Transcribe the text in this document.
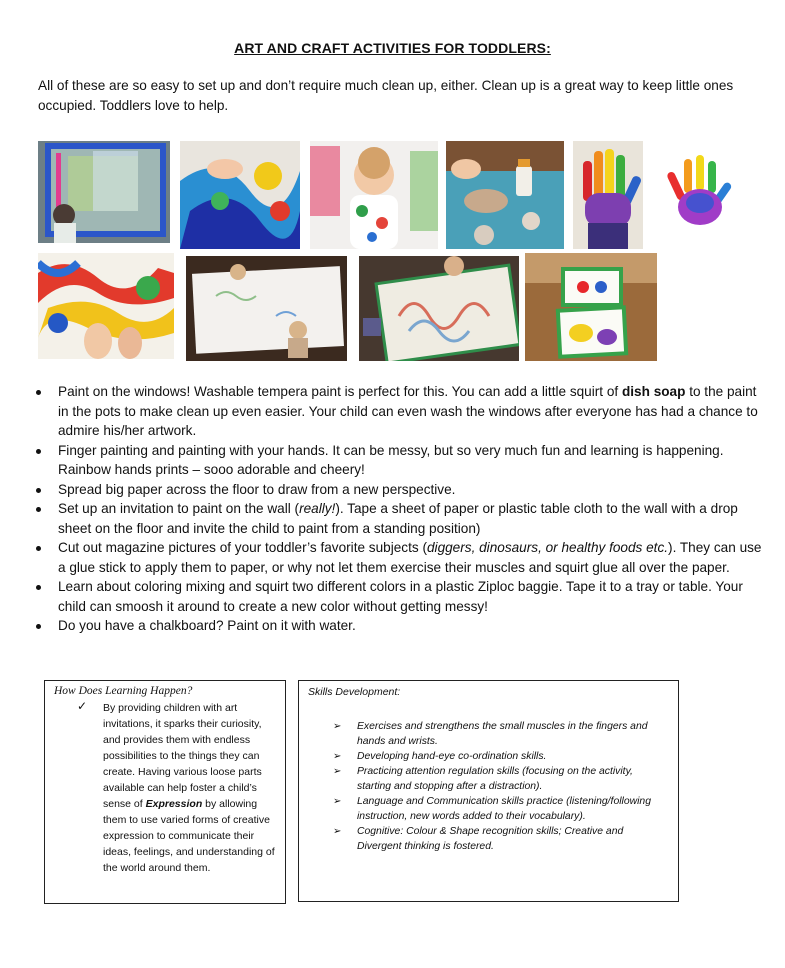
ART AND CRAFT ACTIVITIES FOR TODDLERS:
All of these are so easy to set up and don’t require much clean up, either. Clean up is a great way to keep little ones occupied. Toddlers love to help.
Paint on the windows! Washable tempera paint is perfect for this. You can add a little squirt of dish soap to the paint in the pots to make clean up even easier. Your child can even wash the windows after everyone has had a chance to admire his/her artwork.
Finger painting and painting with your hands. It can be messy, but so very much fun and learning is happening. Rainbow hands prints – sooo adorable and cheery!
Spread big paper across the floor to draw from a new perspective.
Set up an invitation to paint on the wall (really!). Tape a sheet of paper or plastic table cloth to the wall with a drop sheet on the floor and invite the child to paint from a standing position)
Cut out magazine pictures of your toddler’s favorite subjects (diggers, dinosaurs, or healthy foods etc.). They can use a glue stick to apply them to paper, or why not let them exercise their muscles and squirt glue all over the paper.
Learn about coloring mixing and squirt two different colors in a plastic Ziploc baggie. Tape it to a tray or table. Your child can smoosh it around to create a new color without getting messy!
Do you have a chalkboard? Paint on it with water.
How Does Learning Happen?
✓ By providing children with art invitations, it sparks their curiosity, and provides them with endless possibilities to the things they can create. Having various loose parts available can help foster a child’s sense of Expression by allowing them to use varied forms of creative expression to communicate their ideas, feelings, and understanding of the world around them.
Skills Development:
➢ Exercises and strengthens the small muscles in the fingers and hands and wrists.
➢ Developing hand-eye co-ordination skills.
➢ Practicing attention regulation skills (focusing on the activity, starting and stopping after a distraction).
➢ Language and Communication skills practice (listening/following instruction, new words added to their vocabulary).
➢ Cognitive: Colour & Shape recognition skills; Creative and Divergent thinking is fostered.
